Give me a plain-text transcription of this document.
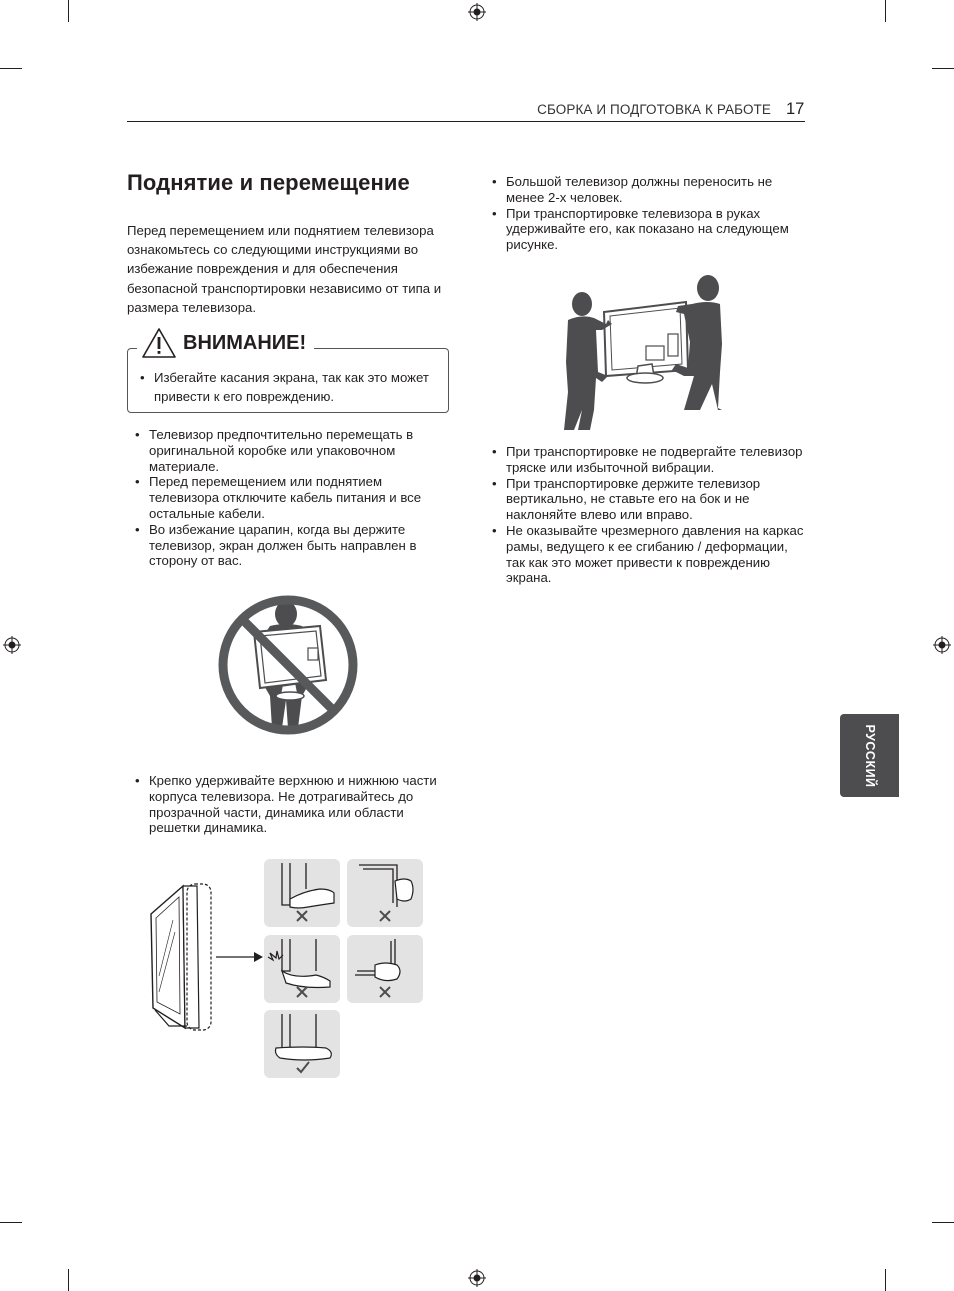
СБОРКА И ПОДГОТОВКА К РАБОТЕ 17
Поднятие и перемещение

Перед перемещением или поднятием телевизора ознакомьтесь со следующими инструкциями во избежание повреждения и для обеспечения безопасной транспортировки независимо от типа и размера телевизора.

ВНИМАНИЕ!
• Избегайте касания экрана, так как это может привести к его повреждению.
• Телевизор предпочтительно перемещать в оригинальной коробке или упаковочном материале.
• Перед перемещением или поднятием телевизора отключите кабель питания и все остальные кабели.
• Во избежание царапин, когда вы держите телевизор, экран должен быть направлен в сторону от вас.
• Крепко удерживайте верхнюю и нижнюю части корпуса телевизора. Не дотрагивайтесь до прозрачной части, динамика или области решетки динамика.
• Большой телевизор должны переносить не менее 2-х человек.
• При транспортировке телевизора в руках удерживайте его, как показано на следующем рисунке.
• При транспортировке не подвергайте телевизор тряске или избыточной вибрации.
• При транспортировке держите телевизор вертикально, не ставьте его на бок и не наклоняйте влево или вправо.
• Не оказывайте чрезмерного давления на каркас рамы, ведущего к ее сгибанию / деформации, так как это может привести к повреждению экрана.
РУССКИЙ
